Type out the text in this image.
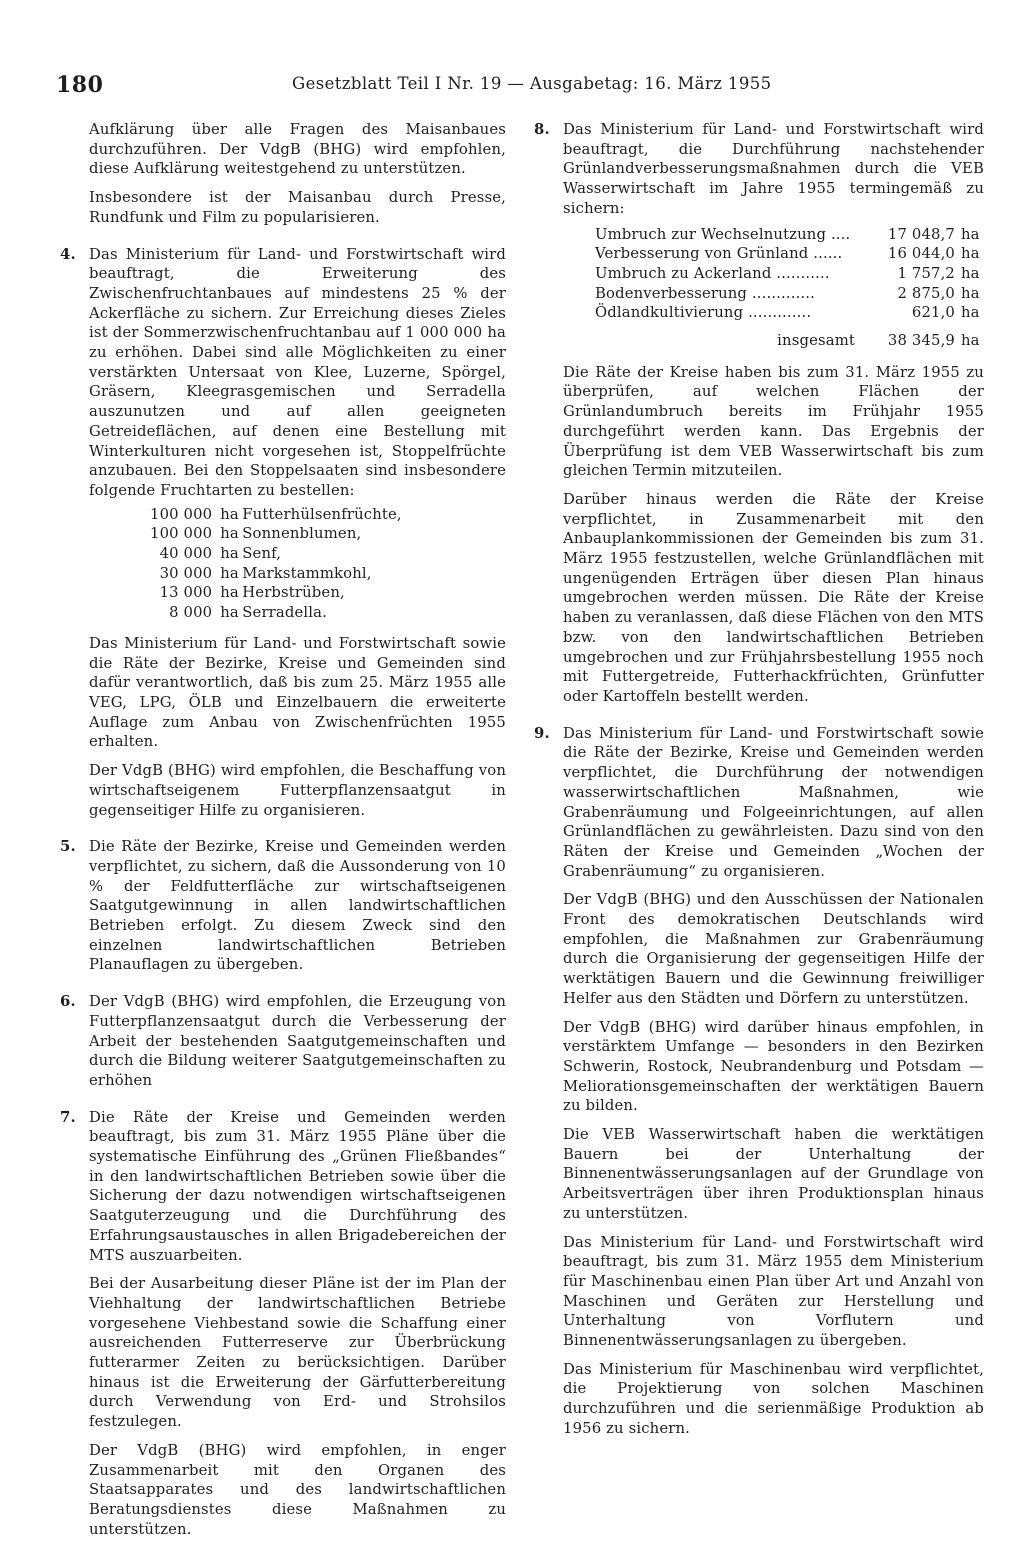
180	Gesetzblatt Teil I Nr. 19 — Ausgabetag: 16. März 1955

Aufklärung über alle Fragen des Maisanbaues durchzuführen. Der VdgB (BHG) wird empfohlen, diese Aufklärung weitestgehend zu unterstützen.

Insbesondere ist der Maisanbau durch Presse, Rundfunk und Film zu popularisieren.

4. Das Ministerium für Land- und Forstwirtschaft wird beauftragt, die Erweiterung des Zwischenfruchtanbaues auf mindestens 25 % der Ackerfläche zu sichern. Zur Erreichung dieses Zieles ist der Sommerzwischenfruchtanbau auf 1 000 000 ha zu erhöhen. Dabei sind alle Möglichkeiten zu einer verstärkten Untersaat von Klee, Luzerne, Spörgel, Gräsern, Kleegrasgemischen und Serradella auszunutzen und auf allen geeigneten Getreideflächen, auf denen eine Bestellung mit Winterkulturen nicht vorgesehen ist, Stoppelfrüchte anzubauen. Bei den Stoppelsaaten sind insbesondere folgende Fruchtarten zu bestellen:

100 000	ha	Futterhülsenfrüchte,
100 000	ha	Sonnenblumen,
40 000	ha	Senf,
30 000	ha	Markstammkohl,
13 000	ha	Herbstrüben,
8 000	ha	Serradella.

Das Ministerium für Land- und Forstwirtschaft sowie die Räte der Bezirke, Kreise und Gemeinden sind dafür verantwortlich, daß bis zum 25. März 1955 alle VEG, LPG, ÖLB und Einzelbauern die erweiterte Auflage zum Anbau von Zwischenfrüchten 1955 erhalten.

Der VdgB (BHG) wird empfohlen, die Beschaffung von wirtschaftseigenem Futterpflanzensaatgut in gegenseitiger Hilfe zu organisieren.

5. Die Räte der Bezirke, Kreise und Gemeinden werden verpflichtet, zu sichern, daß die Aussonderung von 10 % der Feldfutterfläche zur wirtschaftseigenen Saatgutgewinnung in allen landwirtschaftlichen Betrieben erfolgt. Zu diesem Zweck sind den einzelnen landwirtschaftlichen Betrieben Planauflagen zu übergeben.

6. Der VdgB (BHG) wird empfohlen, die Erzeugung von Futterpflanzensaatgut durch die Verbesserung der Arbeit der bestehenden Saatgutgemeinschaften und durch die Bildung weiterer Saatgutgemeinschaften zu erhöhen

7. Die Räte der Kreise und Gemeinden werden beauftragt, bis zum 31. März 1955 Pläne über die systematische Einführung des „Grünen Fließbandes“ in den landwirtschaftlichen Betrieben sowie über die Sicherung der dazu notwendigen wirtschaftseigenen Saatguterzeugung und die Durchführung des Erfahrungsaustausches in allen Brigadebereichen der MTS auszuarbeiten.

Bei der Ausarbeitung dieser Pläne ist der im Plan der Viehhaltung der landwirtschaftlichen Betriebe vorgesehene Viehbestand sowie die Schaffung einer ausreichenden Futterreserve zur Überbrückung futterarmer Zeiten zu berücksichtigen. Darüber hinaus ist die Erweiterung der Gärfutterbereitung durch Verwendung von Erd- und Strohsilos festzulegen.

Der VdgB (BHG) wird empfohlen, in enger Zusammenarbeit mit den Organen des Staatsapparates und des landwirtschaftlichen Beratungsdienstes diese Maßnahmen zu unterstützen.

8. Das Ministerium für Land- und Forstwirtschaft wird beauftragt, die Durchführung nachstehender Grünlandverbesserungsmaßnahmen durch die VEB Wasserwirtschaft im Jahre 1955 termingemäß zu sichern:

Umbruch zur Wechselnutzung ....	17 048,7	ha
Verbesserung von Grünland ......	16 044,0	ha
Umbruch zu Ackerland ...........	1 757,2	ha
Bodenverbesserung .............	2 875,0	ha
Ödlandkultivierung .............	621,0	ha
insgesamt	38 345,9	ha

Die Räte der Kreise haben bis zum 31. März 1955 zu überprüfen, auf welchen Flächen der Grünlandumbruch bereits im Frühjahr 1955 durchgeführt werden kann. Das Ergebnis der Überprüfung ist dem VEB Wasserwirtschaft bis zum gleichen Termin mitzuteilen.

Darüber hinaus werden die Räte der Kreise verpflichtet, in Zusammenarbeit mit den Anbauplankommissionen der Gemeinden bis zum 31. März 1955 festzustellen, welche Grünlandflächen mit ungenügenden Erträgen über diesen Plan hinaus umgebrochen werden müssen. Die Räte der Kreise haben zu veranlassen, daß diese Flächen von den MTS bzw. von den landwirtschaftlichen Betrieben umgebrochen und zur Frühjahrsbestellung 1955 noch mit Futtergetreide, Futterhackfrüchten, Grünfutter oder Kartoffeln bestellt werden.

9. Das Ministerium für Land- und Forstwirtschaft sowie die Räte der Bezirke, Kreise und Gemeinden werden verpflichtet, die Durchführung der notwendigen wasserwirtschaftlichen Maßnahmen, wie Grabenräumung und Folgeeinrichtungen, auf allen Grünlandflächen zu gewährleisten. Dazu sind von den Räten der Kreise und Gemeinden „Wochen der Grabenräumung“ zu organisieren.

Der VdgB (BHG) und den Ausschüssen der Nationalen Front des demokratischen Deutschlands wird empfohlen, die Maßnahmen zur Grabenräumung durch die Organisierung der gegenseitigen Hilfe der werktätigen Bauern und die Gewinnung freiwilliger Helfer aus den Städten und Dörfern zu unterstützen.

Der VdgB (BHG) wird darüber hinaus empfohlen, in verstärktem Umfange — besonders in den Bezirken Schwerin, Rostock, Neubrandenburg und Potsdam — Meliorationsgemeinschaften der werktätigen Bauern zu bilden.

Die VEB Wasserwirtschaft haben die werktätigen Bauern bei der Unterhaltung der Binnenentwässerungsanlagen auf der Grundlage von Arbeitsverträgen über ihren Produktionsplan hinaus zu unterstützen.

Das Ministerium für Land- und Forstwirtschaft wird beauftragt, bis zum 31. März 1955 dem Ministerium für Maschinenbau einen Plan über Art und Anzahl von Maschinen und Geräten zur Herstellung und Unterhaltung von Vorflutern und Binnenentwässerungsanlagen zu übergeben.

Das Ministerium für Maschinenbau wird verpflichtet, die Projektierung von solchen Maschinen durchzuführen und die serienmäßige Produktion ab 1956 zu sichern.
